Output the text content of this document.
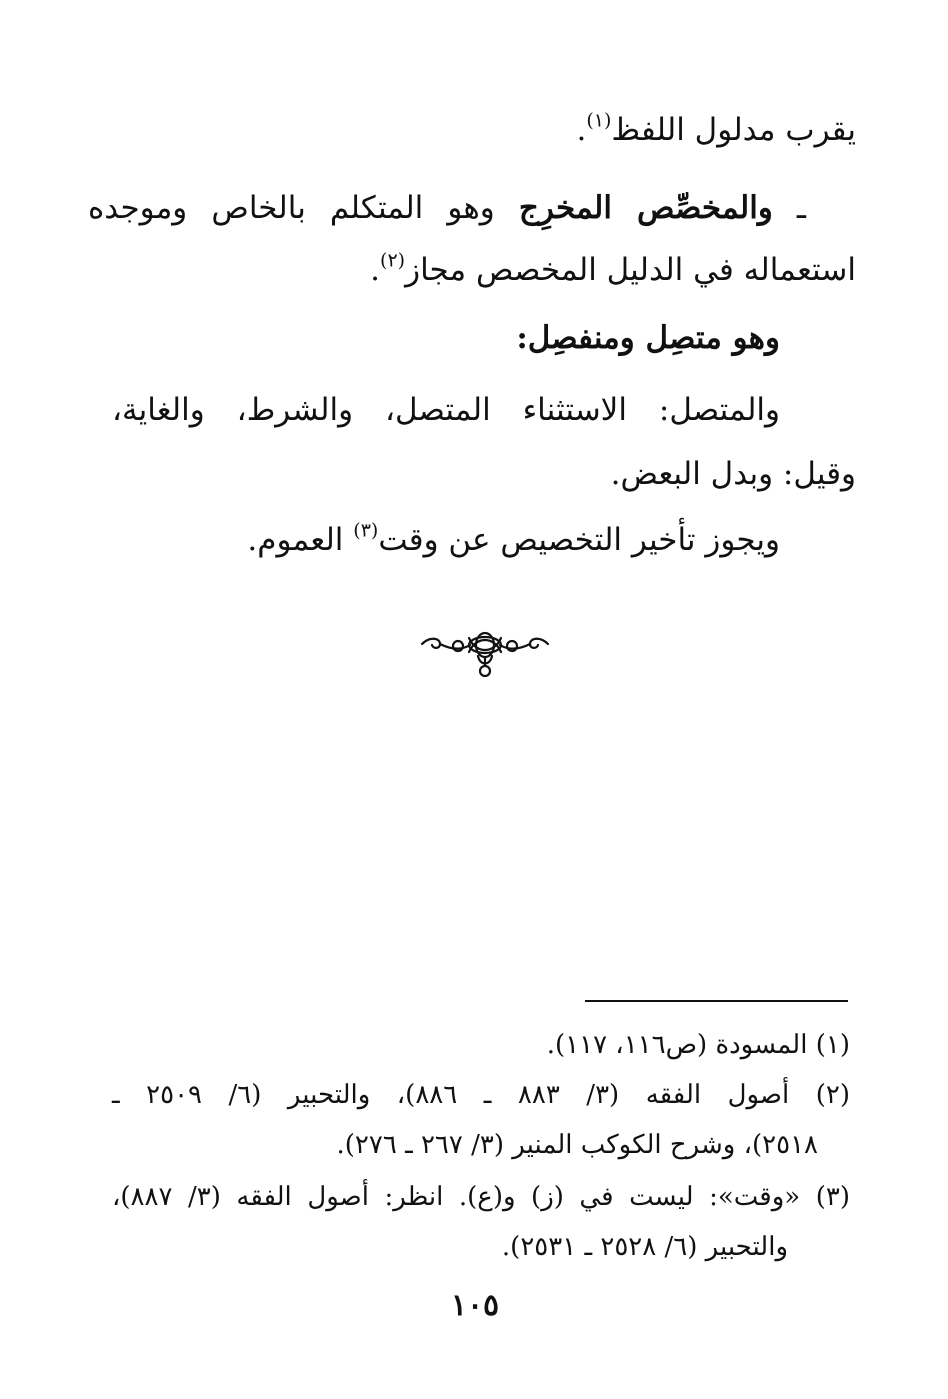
يقرب مدلول اللفظ$^{(١)}$.
ـ والمخصِّص المخرِج وهو المتكلم بالخاص وموجده
استعماله في الدليل المخصص مجاز$^{(٢)}$.
وهو متصِل ومنفصِل:
والمتصل: الاستثناء المتصل، والشرط، والغاية،
وقيل: وبدل البعض.
ويجوز تأخير التخصيص عن وقت$^{(٣)}$ العموم.
(١) المسودة (ص١١٦، ١١٧).
(٢) أصول الفقه (٣/ ٨٨٣ ـ ٨٨٦)، والتحبير (٦/ ٢٥٠٩ ـ
٢٥١٨)، وشرح الكوكب المنير (٣/ ٢٦٧ ـ ٢٧٦).
(٣) «وقت»: ليست في (ز) و(ع). انظر: أصول الفقه (٣/ ٨٨٧)،
والتحبير (٦/ ٢٥٢٨ ـ ٢٥٣١).
١٠٥
